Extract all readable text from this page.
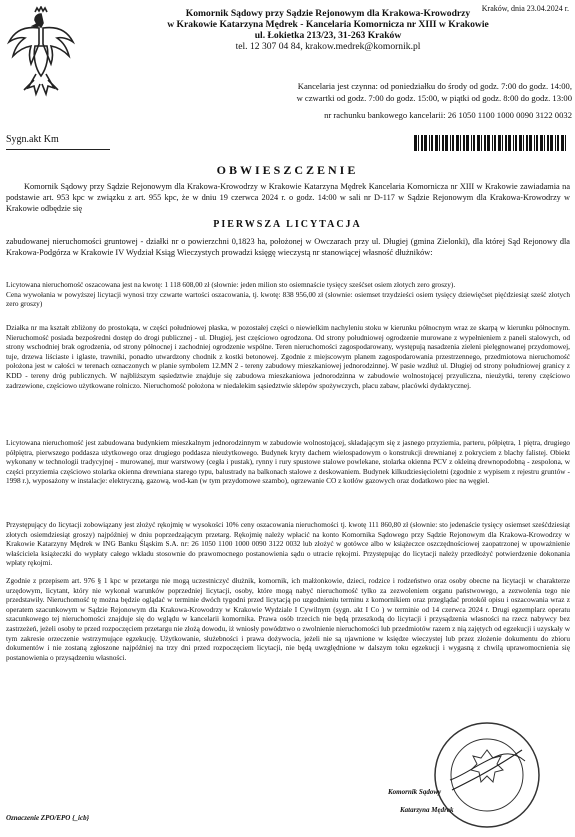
Kraków, dnia 23.04.2024 r.
Komornik Sądowy przy Sądzie Rejonowym dla Krakowa-Krowodrzy
w Krakowie Katarzyna Mędrek - Kancelaria Komornicza nr XIII w Krakowie
ul. Łokietka 213/23, 31-263 Kraków
tel. 12 307 04 84, krakow.medrek@komornik.pl
Kancelaria jest czynna: od poniedziałku do środy od godz. 7:00 do godz. 14:00,
w czwartki od godz. 7:00 do godz. 15:00, w piątki od godz. 8:00 do godz. 13:00
nr rachunku bankowego kancelarii: 26 1050 1100 1000 0090 3122 0032
Sygn.akt Km
OBWIESZCZENIE
Komornik Sądowy przy Sądzie Rejonowym dla Krakowa-Krowodrzy w Krakowie Katarzyna Mędrek Kancelaria Komornicza nr XIII w Krakowie zawiadamia na podstawie art. 953 kpc w związku z art. 955 kpc, że w dniu 19 czerwca 2024 r. o godz. 14:00 w sali nr D-117 w Sądzie Rejonowym dla Krakowa-Krowodrzy w Krakowie odbędzie się
PIERWSZA LICYTACJA
zabudowanej nieruchomości gruntowej - działki nr o powierzchni 0,1823 ha, położonej w Owczarach przy ul. Długiej (gmina Zielonki), dla której Sąd Rejonowy dla Krakowa-Podgórza w Krakowie IV Wydział Ksiąg Wieczystych prowadzi księgę wieczystą nr stanowiącej własność dłużników:
Licytowana nieruchomość oszacowana jest na kwotę: 1 118 608,00 zł (słownie: jeden milion sto osiemnaście tysięcy sześćset osiem złotych zero groszy).
Cena wywołania w powyższej licytacji wynosi trzy czwarte wartości oszacowania, tj. kwotę: 838 956,00 zł (słownie: osiemset trzydzieści osiem tysięcy dziewięćset pięćdziesiąt sześć złotych zero groszy)
Działka nr ma kształt zbliżony do prostokąta, w części południowej płaska, w pozostałej części o niewielkim nachyleniu stoku w kierunku północnym wraz ze skarpą w kierunku północnym. Nieruchomość posiada bezpośredni dostęp do drogi publicznej - ul. Długiej, jest częściowo ogrodzona. Od strony południowej ogrodzenie murowane z wypełnieniem z paneli stalowych, od strony wschodniej brak ogrodzenia, od strony północnej i zachodniej ogrodzenie wspólne. Teren nieruchomości zagospodarowany, występują nasadzenia zieleni pielęgnowanej przydomowej, tuje, drzewa liściaste i iglaste, trawniki, ponadto utwardzony chodnik z kostki betonowej. Zgodnie z miejscowym planem zagospodarowania przestrzennego, przedmiotowa nieruchomość położona jest w całości w terenach oznaczonych w planie symbolem 12.MN 2 - tereny zabudowy mieszkaniowej jednorodzinnej. W pasie wzdłuż ul. Długiej od strony południowej granicy z KDD - tereny dróg publicznych. W najbliższym sąsiedztwie znajduje się zabudowa mieszkaniowa jednorodzinna w zabudowie wolnostojącej przyuliczna, nieużytki, tereny częściowo zadrzewione, częściowo użytkowane rolniczo. Nieruchomość położona w niedalekim sąsiedztwie sklepów spożywczych, placu zabaw, placówki dydaktycznej.
Licytowana nieruchomość jest zabudowana budynkiem mieszkalnym jednorodzinnym w zabudowie wolnostojącej, składającym się z jasnego przyziemia, parteru, półpiętra, 1 piętra, drugiego półpiętra, pierwszego poddasza użytkowego oraz drugiego poddasza nieużytkowego. Budynek kryty dachem wielospadowym o konstrukcji drewnianej z pokryciem z blachy falistej. Obiekt wykonany w technologii tradycyjnej - murowanej, mur warstwowy (cegła i pustak), rynny i rury spustowe stalowe powlekane, stolarka okienna PCV z okleiną drewnopodobną - zespolona, w części przyziemia częściowo stolarka okienna drewniana starego typu, balustrady na balkonach stalowe z deskowaniem. Budynek kilkudziesięcioletni (zgodnie z wypisem z rejestru gruntów - 1998 r.), wyposażony w instalacje: elektryczną, gazową, wod-kan (w tym przydomowe szambo), ogrzewanie CO z kotłów gazowych oraz dodatkowo piec na węgiel.
Przystępujący do licytacji zobowiązany jest złożyć rękojmię w wysokości 10% ceny oszacowania nieruchomości tj. kwotę 111 860,80 zł (słownie: sto jedenaście tysięcy osiemset sześćdziesiąt złotych osiemdziesiąt groszy) najpóźniej w dniu poprzedzającym przetarg. Rękojmię należy wpłacić na konto Komornika Sądowego przy Sądzie Rejonowym dla Krakowa-Krowodrzy w Krakowie Katarzyny Mędrek w ING Banku Śląskim S.A. nr: 26 1050 1100 1000 0090 3122 0032 lub złożyć w gotówce albo w książeczce oszczędnościowej zaopatrzonej w upoważnienie właściciela książeczki do wypłaty całego wkładu stosownie do prawomocnego postanowienia sądu o utracie rękojmi. Przystępując do licytacji należy przedłożyć potwierdzenie dokonania wpłaty rękojmi.
Zgodnie z przepisem art. 976 § 1 kpc w przetargu nie mogą uczestniczyć dłużnik, komornik, ich małżonkowie, dzieci, rodzice i rodzeństwo oraz osoby obecne na licytacji w charakterze urzędowym, licytant, który nie wykonał warunków poprzedniej licytacji, osoby, które mogą nabyć nieruchomość tylko za zezwoleniem organu państwowego, a zezwolenia tego nie przedstawiły. Nieruchomość tę można będzie oglądać w terminie dwóch tygodni przed licytacją po uzgodnieniu terminu z komornikiem oraz przeglądać protokół opisu i oszacowania wraz z operatem szacunkowym w Sądzie Rejonowym dla Krakowa-Krowodrzy w Krakowie Wydziale I Cywilnym (sygn. akt I Co ) w terminie od 14 czerwca 2024 r. Drugi egzemplarz operatu szacunkowego tej nieruchomości znajduje się do wglądu w kancelarii komornika. Prawa osób trzecich nie będą przeszkodą do licytacji i przysądzenia własności na rzecz nabywcy bez zastrzeżeń, jeżeli osoby te przed rozpoczęciem przetargu nie złożą dowodu, iż wniosły powództwo o zwolnienie nieruchomości lub przedmiotów razem z nią zajętych od egzekucji i uzyskały w tym zakresie orzeczenie wstrzymujące egzekucję. Użytkowanie, służebności i prawa dożywocia, jeżeli nie są ujawnione w księdze wieczystej lub przez złożenie dokumentu do zbioru dokumentów i nie zostaną zgłoszone najpóźniej na trzy dni przed rozpoczęciem licytacji, nie będą uwzględnione w dalszym toku egzekucji i wygasną z chwilą uprawomocnienia się postanowienia o przysądzeniu własności.
Komornik Sądowy
Katarzyna Mędrek
Oznaczenie ZPO/EPO {_icb}
